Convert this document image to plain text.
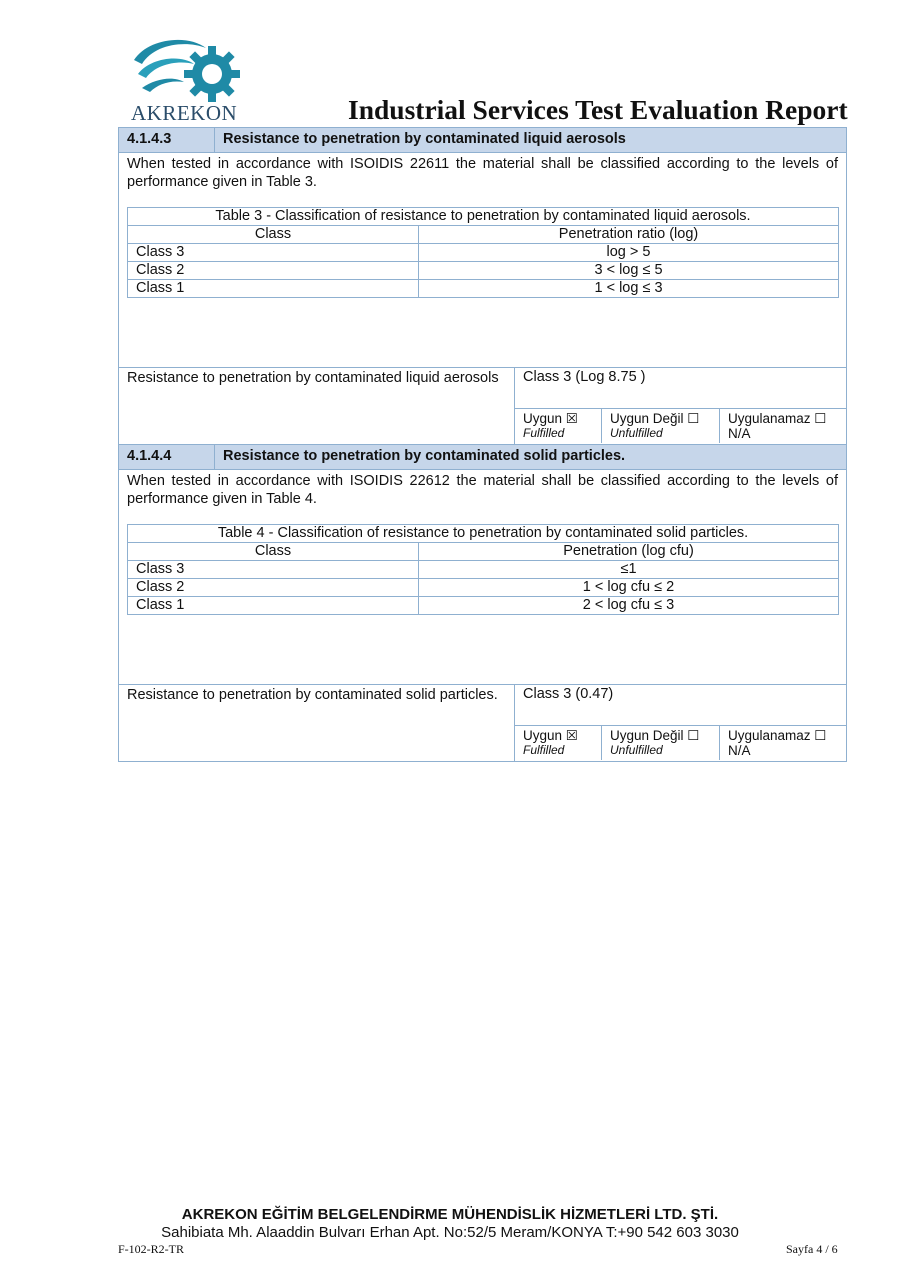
AKREKON	Industrial Services Test Evaluation Report
4.1.4.3	Resistance to penetration by contaminated liquid aerosols
When tested in accordance with ISOIDIS 22611 the material shall be classified according to the levels of performance given in Table 3.
Table 3 - Classification of resistance to penetration by contaminated liquid aerosols.	
Class	Penetration ratio (log)
Class 3	log > 5
Class 2	3 < log ≤ 5
Class 1	1 < log ≤ 3
Resistance to penetration by contaminated liquid aerosols	Class 3 (Log 8.75 )
Uygun ☒
Fulfilled
Uygun Değil ☐
Unfulfilled
Uygulanamaz ☐
N/A
4.1.4.4	Resistance to penetration by contaminated solid particles.
When tested in accordance with ISOIDIS 22612 the material shall be classified according to the levels of performance given in Table 4.
Table 4 - Classification of resistance to penetration by contaminated solid particles.	
Class	Penetration (log cfu)
Class 3	≤1
Class 2	1 < log cfu ≤ 2
Class 1	2 < log cfu ≤ 3
Resistance to penetration by contaminated solid particles.	Class 3 (0.47)
Uygun ☒
Fulfilled
Uygun Değil ☐
Unfulfilled
Uygulanamaz ☐
N/A
AKREKON EĞİTİM BELGELENDİRME MÜHENDİSLİK HİZMETLERİ LTD. ŞTİ.
Sahibiata Mh. Alaaddin Bulvarı Erhan Apt. No:52/5 Meram/KONYA T:+90 542 603 3030
F-102-R2-TR	Sayfa 4 / 6
